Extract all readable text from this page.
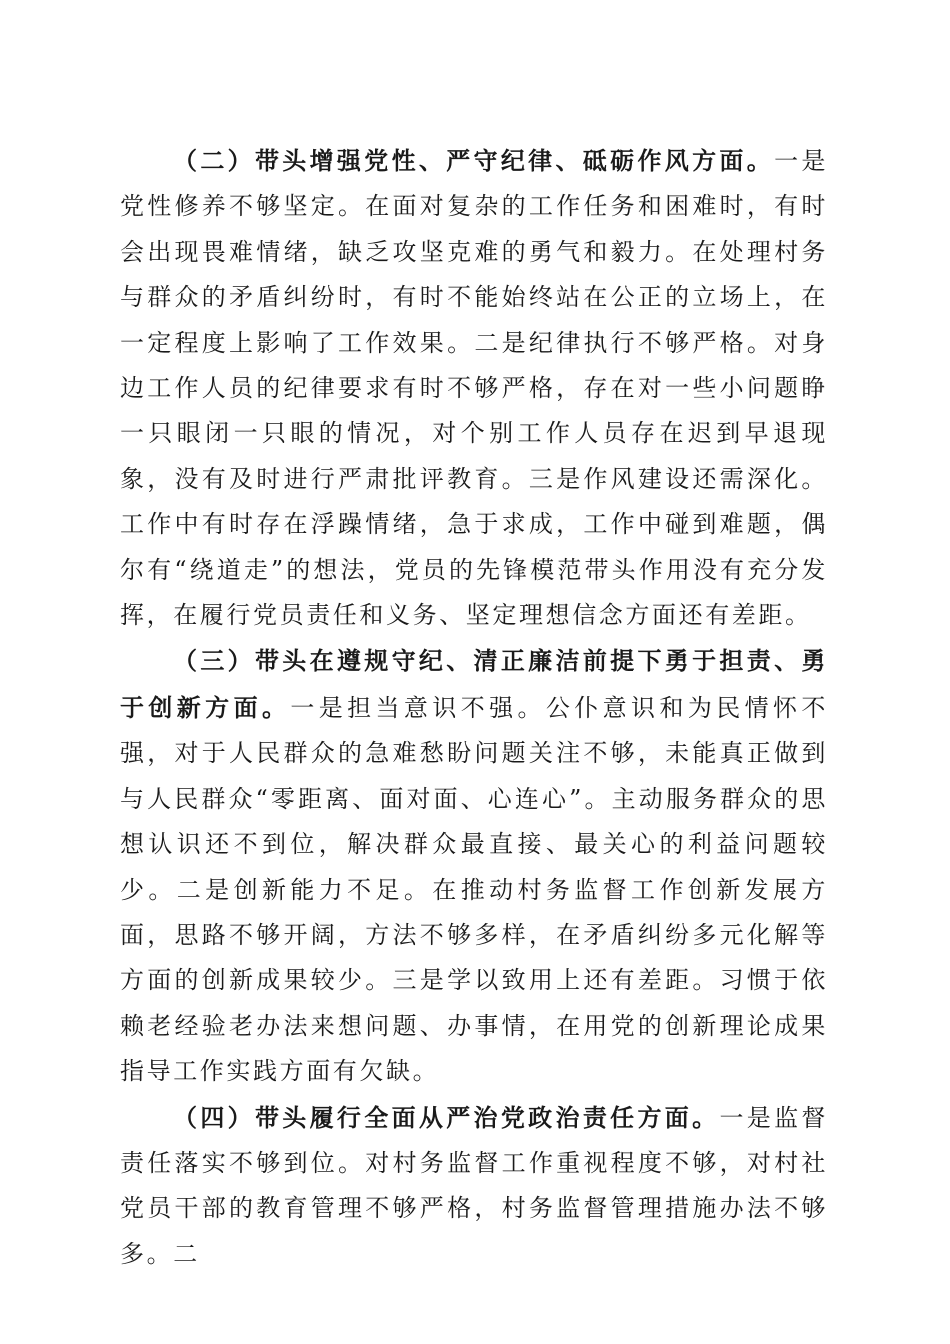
（二）带头增强党性、严守纪律、砥砺作风方面。一是党性修养不够坚定。在面对复杂的工作任务和困难时，有时会出现畏难情绪，缺乏攻坚克难的勇气和毅力。在处理村务与群众的矛盾纠纷时，有时不能始终站在公正的立场上，在一定程度上影响了工作效果。二是纪律执行不够严格。对身边工作人员的纪律要求有时不够严格，存在对一些小问题睁一只眼闭一只眼的情况，对个别工作人员存在迟到早退现象，没有及时进行严肃批评教育。三是作风建设还需深化。工作中有时存在浮躁情绪，急于求成，工作中碰到难题，偶尔有“绕道走”的想法，党员的先锋模范带头作用没有充分发挥，在履行党员责任和义务、坚定理想信念方面还有差距。

（三）带头在遵规守纪、清正廉洁前提下勇于担责、勇于创新方面。一是担当意识不强。公仆意识和为民情怀不强，对于人民群众的急难愁盼问题关注不够，未能真正做到与人民群众“零距离、面对面、心连心”。主动服务群众的思想认识还不到位，解决群众最直接、最关心的利益问题较少。二是创新能力不足。在推动村务监督工作创新发展方面，思路不够开阔，方法不够多样，在矛盾纠纷多元化解等方面的创新成果较少。三是学以致用上还有差距。习惯于依赖老经验老办法来想问题、办事情，在用党的创新理论成果指导工作实践方面有欠缺。

（四）带头履行全面从严治党政治责任方面。一是监督责任落实不够到位。对村务监督工作重视程度不够，对村社党员干部的教育管理不够严格，村务监督管理措施办法不够多。二
